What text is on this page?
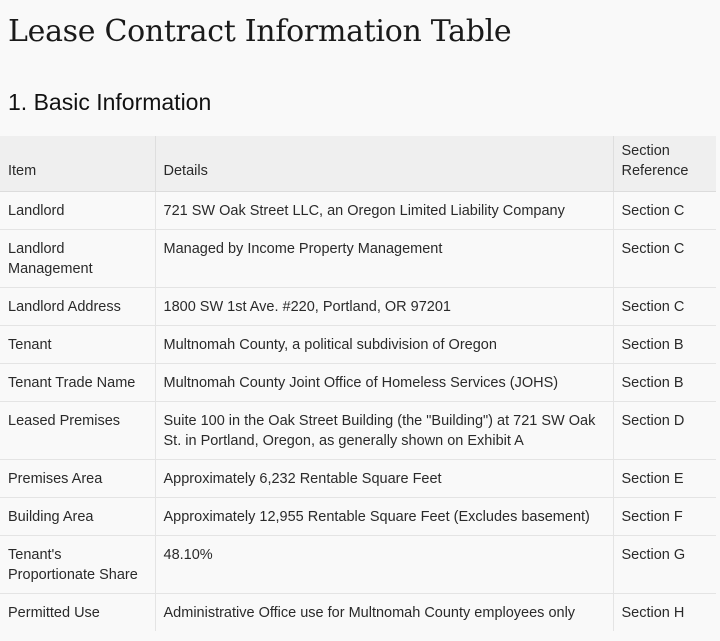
Lease Contract Information Table
1. Basic Information
Item	Details	Section Reference
Landlord	721 SW Oak Street LLC, an Oregon Limited Liability Company	Section C
Landlord Management	Managed by Income Property Management	Section C
Landlord Address	1800 SW 1st Ave. #220, Portland, OR 97201	Section C
Tenant	Multnomah County, a political subdivision of Oregon	Section B
Tenant Trade Name	Multnomah County Joint Office of Homeless Services (JOHS)	Section B
Leased Premises	Suite 100 in the Oak Street Building (the "Building") at 721 SW Oak St. in Portland, Oregon, as generally shown on Exhibit A	Section D
Premises Area	Approximately 6,232 Rentable Square Feet	Section E
Building Area	Approximately 12,955 Rentable Square Feet (Excludes basement)	Section F
Tenant's Proportionate Share	48.10%	Section G
Permitted Use	Administrative Office use for Multnomah County employees only	Section H
